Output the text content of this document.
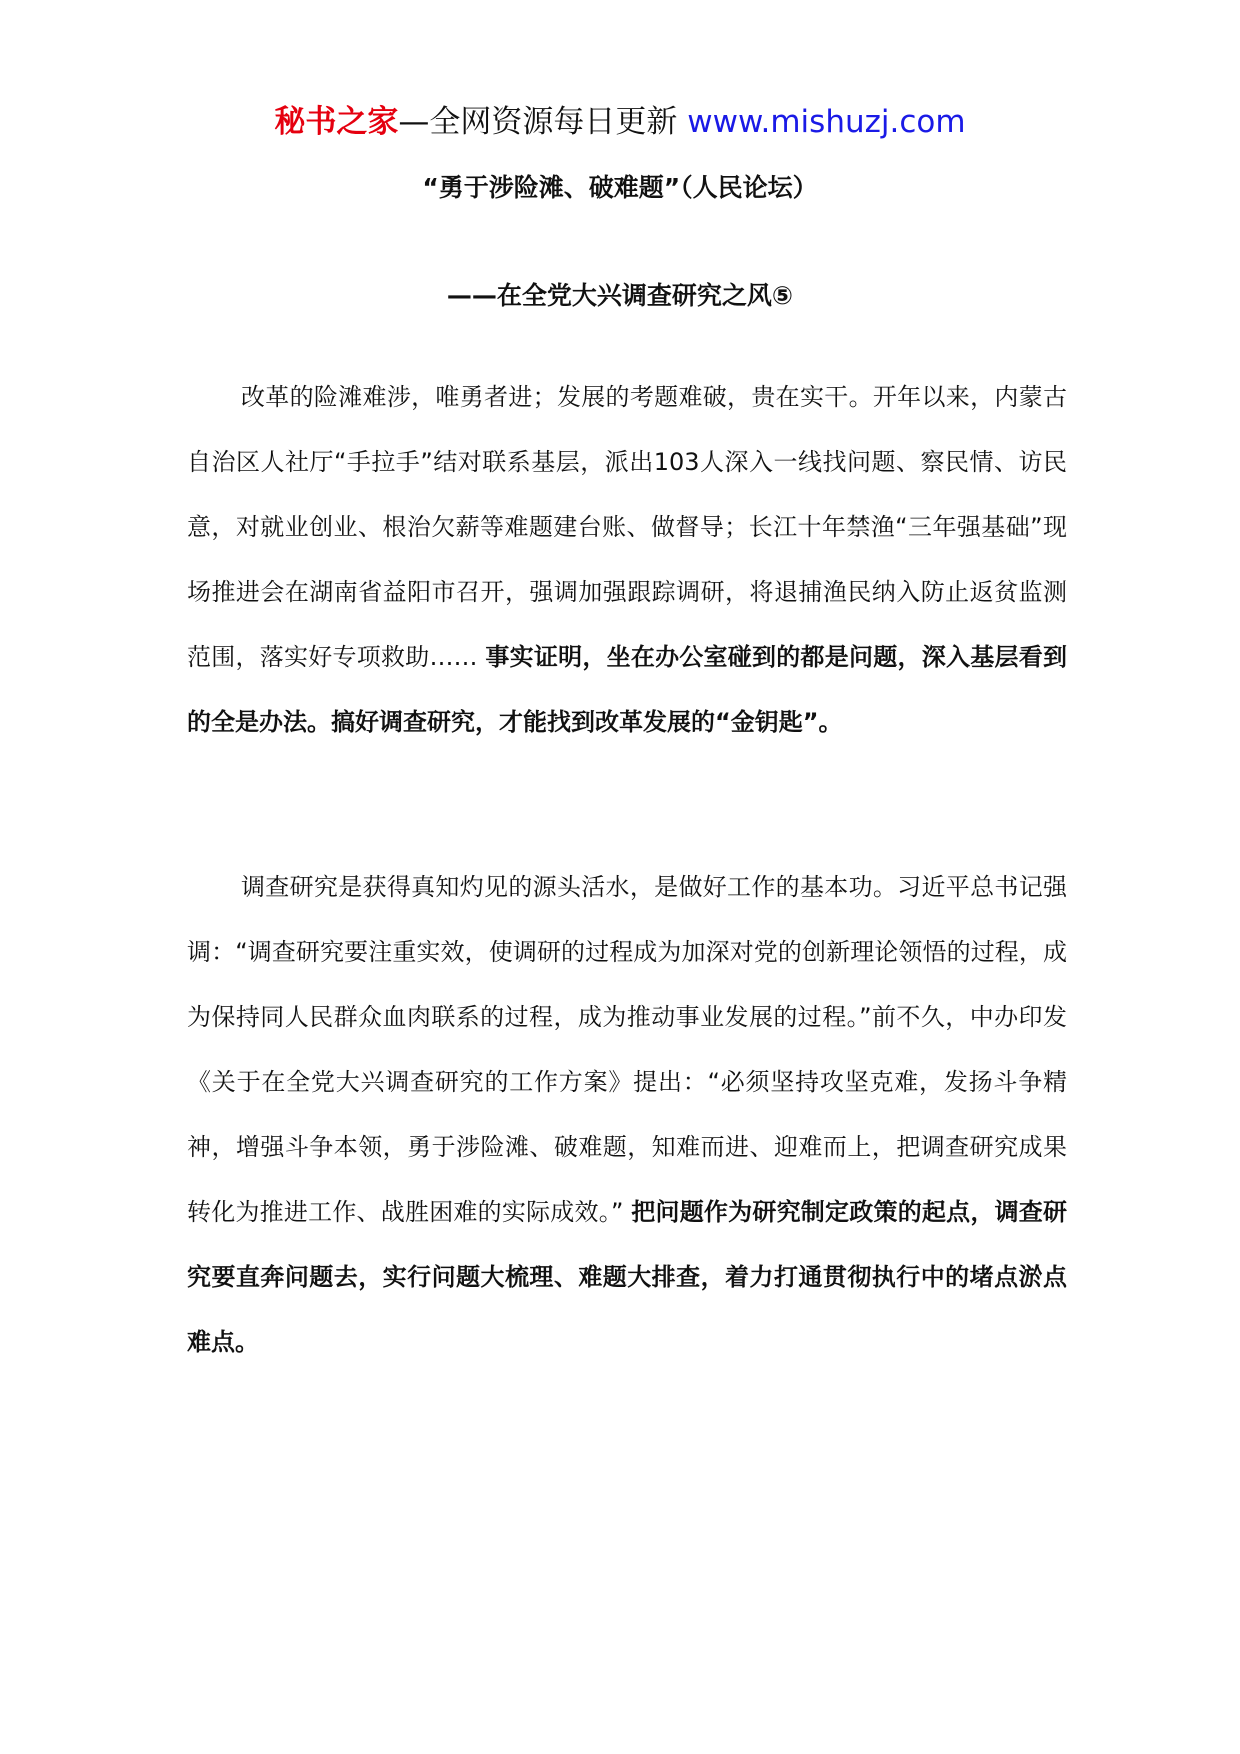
秘书之家—全网资源每日更新 www.mishuzj.com
“勇于涉险滩、破难题”（人民论坛）
——在全党大兴调查研究之风⑤

改革的险滩难涉，唯勇者进；发展的考题难破，贵在实干。开年以来，内蒙古自治区人社厅“手拉手”结对联系基层，派出103人深入一线找问题、察民情、访民意，对就业创业、根治欠薪等难题建台账、做督导；长江十年禁渔“三年强基础”现场推进会在湖南省益阳市召开，强调加强跟踪调研，将退捕渔民纳入防止返贫监测范围，落实好专项救助…… 事实证明，坐在办公室碰到的都是问题，深入基层看到的全是办法。搞好调查研究，才能找到改革发展的“金钥匙”。

调查研究是获得真知灼见的源头活水，是做好工作的基本功。习近平总书记强调：“调查研究要注重实效，使调研的过程成为加深对党的创新理论领悟的过程，成为保持同人民群众血肉联系的过程，成为推动事业发展的过程。”前不久，中办印发《关于在全党大兴调查研究的工作方案》提出：“必须坚持攻坚克难，发扬斗争精神，增强斗争本领，勇于涉险滩、破难题，知难而进、迎难而上，把调查研究成果转化为推进工作、战胜困难的实际成效。” 把问题作为研究制定政策的起点，调查研究要直奔问题去，实行问题大梳理、难题大排查，着力打通贯彻执行中的堵点淤点难点。
